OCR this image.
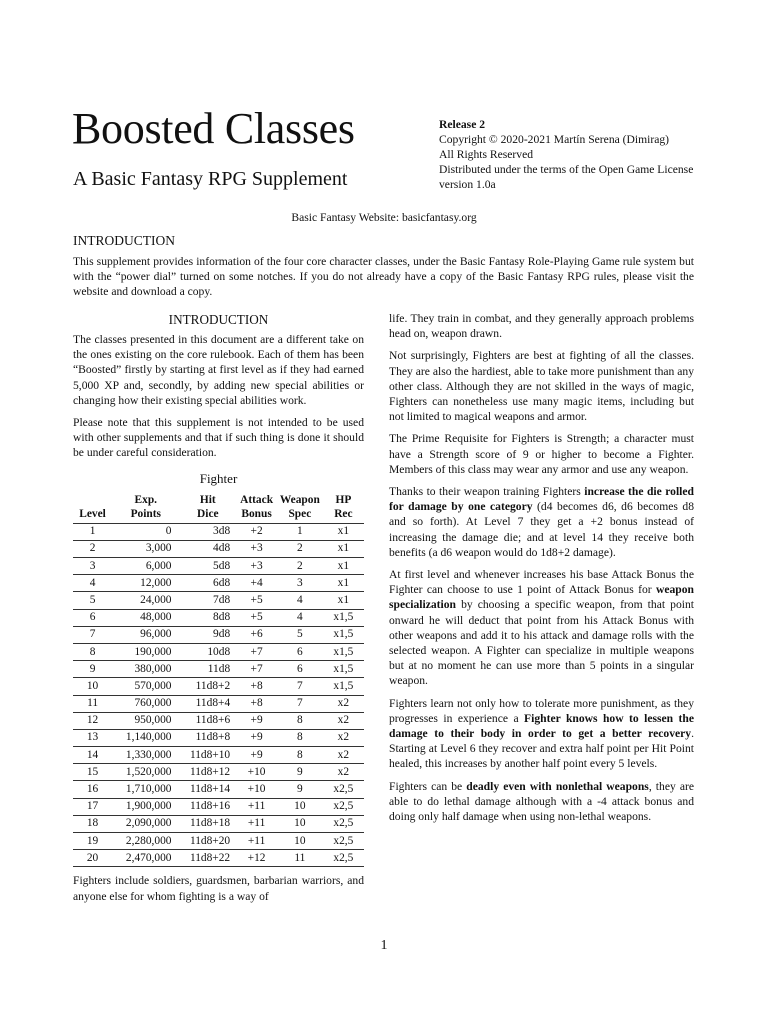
Boosted Classes
A Basic Fantasy RPG Supplement
Release 2
Copyright © 2020-2021 Martín Serena (Dimirag)
All Rights Reserved
Distributed under the terms of the Open Game License
version 1.0a
Basic Fantasy Website: basicfantasy.org
INTRODUCTION
This supplement provides information of the four core character classes, under the Basic Fantasy Role-Playing Game rule system but with the “power dial” turned on some notches. If you do not already have a copy of the Basic Fantasy RPG rules, please visit the website and download a copy.
INTRODUCTION

The classes presented in this document are a different take on the ones existing on the core rulebook. Each of them has been “Boosted” firstly by starting at first level as if they had earned 5,000 XP and, secondly, by adding new special abilities or changing how their existing special abilities work.

Please note that this supplement is not intended to be used with other supplements and that if such thing is done it should be under careful consideration.

Fighter
	Exp.	Hit	Attack	Weapon	HP
Level	Points	Dice	Bonus	Spec	Rec
1	0	3d8	+2	1	x1
2	3,000	4d8	+3	2	x1
3	6,000	5d8	+3	2	x1
4	12,000	6d8	+4	3	x1
5	24,000	7d8	+5	4	x1
6	48,000	8d8	+5	4	x1,5
7	96,000	9d8	+6	5	x1,5
8	190,000	10d8	+7	6	x1,5
9	380,000	11d8	+7	6	x1,5
10	570,000	11d8+2	+8	7	x1,5
11	760,000	11d8+4	+8	7	x2
12	950,000	11d8+6	+9	8	x2
13	1,140,000	11d8+8	+9	8	x2
14	1,330,000	11d8+10	+9	8	x2
15	1,520,000	11d8+12	+10	9	x2
16	1,710,000	11d8+14	+10	9	x2,5
17	1,900,000	11d8+16	+11	10	x2,5
18	2,090,000	11d8+18	+11	10	x2,5
19	2,280,000	11d8+20	+11	10	x2,5
20	2,470,000	11d8+22	+12	11	x2,5

Fighters include soldiers, guardsmen, barbarian warriors, and anyone else for whom fighting is a way of

life. They train in combat, and they generally approach problems head on, weapon drawn.

Not surprisingly, Fighters are best at fighting of all the classes. They are also the hardiest, able to take more punishment than any other class. Although they are not skilled in the ways of magic, Fighters can nonetheless use many magic items, including but not limited to magical weapons and armor.

The Prime Requisite for Fighters is Strength; a character must have a Strength score of 9 or higher to become a Fighter. Members of this class may wear any armor and use any weapon.

Thanks to their weapon training Fighters increase the die rolled for damage by one category (d4 becomes d6, d6 becomes d8 and so forth). At Level 7 they get a +2 bonus instead of increasing the damage die; and at level 14 they receive both benefits (a d6 weapon would do 1d8+2 damage).

At first level and whenever increases his base Attack Bonus the Fighter can choose to use 1 point of Attack Bonus for weapon specialization by choosing a specific weapon, from that point onward he will deduct that point from his Attack Bonus with other weapons and add it to his attack and damage rolls with the selected weapon. A Fighter can specialize in multiple weapons but at no moment he can use more than 5 points in a singular weapon.

Fighters learn not only how to tolerate more punishment, as they progresses in experience a Fighter knows how to lessen the damage to their body in order to get a better recovery. Starting at Level 6 they recover and extra half point per Hit Point healed, this increases by another half point every 5 levels.

Fighters can be deadly even with nonlethal weapons, they are able to do lethal damage although with a -4 attack bonus and doing only half damage when using non-lethal weapons.

1
